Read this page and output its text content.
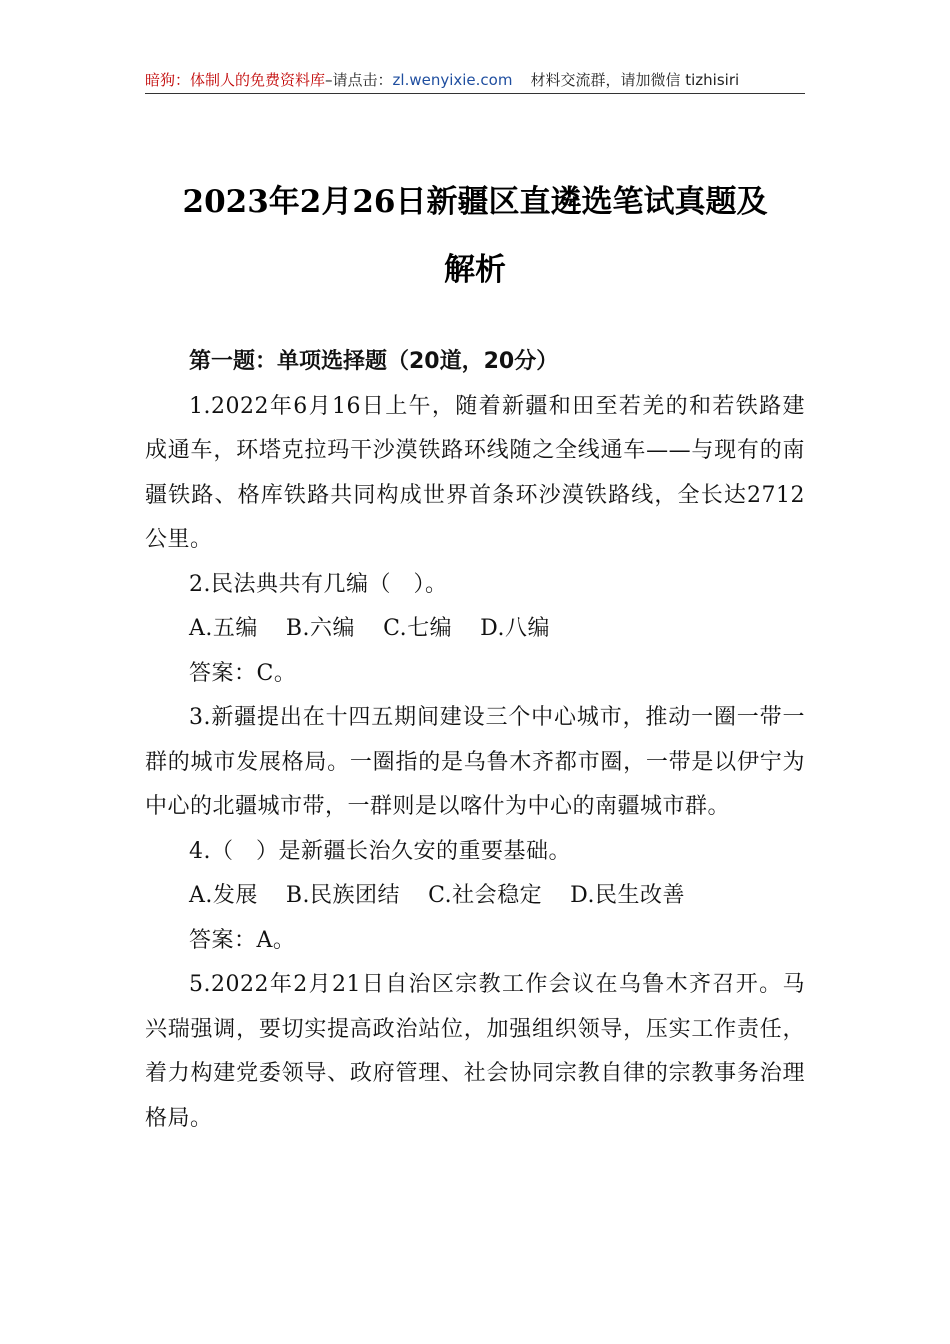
暗狗：体制人的免费资料库–请点击：zl.wenyixie.com 材料交流群，请加微信 tizhisiri
2023年2月26日新疆区直遴选笔试真题及
解析

第一题：单项选择题（20道，20分）

1.2022年6月16日上午，随着新疆和田至若羌的和若铁路建成通车，环塔克拉玛干沙漠铁路环线随之全线通车——与现有的南疆铁路、格库铁路共同构成世界首条环沙漠铁路线，全长达2712公里。

2.民法典共有几编（　）。

A.五编 B.六编 C.七编 D.八编

答案：C。

3.新疆提出在十四五期间建设三个中心城市，推动一圈一带一群的城市发展格局。一圈指的是乌鲁木齐都市圈，一带是以伊宁为中心的北疆城市带，一群则是以喀什为中心的南疆城市群。

4.（　）是新疆长治久安的重要基础。

A.发展 B.民族团结 C.社会稳定 D.民生改善

答案：A。

5.2022年2月21日自治区宗教工作会议在乌鲁木齐召开。马兴瑞强调，要切实提高政治站位，加强组织领导，压实工作责任，着力构建党委领导、政府管理、社会协同宗教自律的宗教事务治理格局。
